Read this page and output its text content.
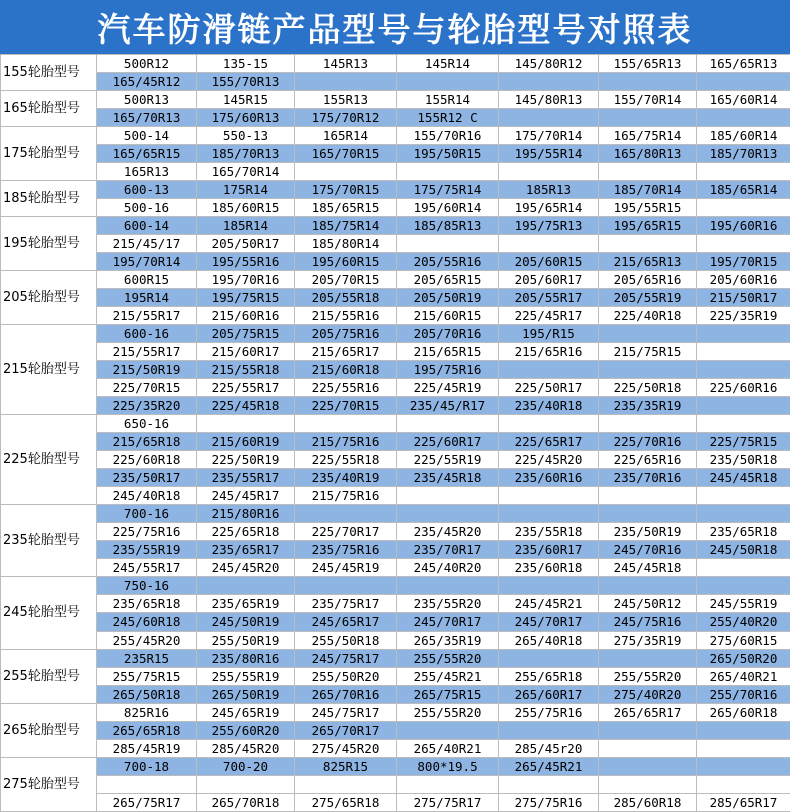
汽车防滑链产品型号与轮胎型号对照表
155轮胎型号	500R12	135-15	145R13	145R14	145/80R12	155/65R13	165/65R13
	165/45R12	155/70R13					
165轮胎型号	500R13	145R15	155R13	155R14	145/80R13	155/70R14	165/60R14
	165/70R13	175/60R13	175/70R12	155R12 C			
175轮胎型号	500-14	550-13	165R14	155/70R16	175/70R14	165/75R14	185/60R14
	165/65R15	185/70R13	165/70R15	195/50R15	195/55R14	165/80R13	185/70R13
	165R13	165/70R14					
185轮胎型号	600-13	175R14	175/70R15	175/75R14	185R13	185/70R14	185/65R14
	500-16	185/60R15	185/65R15	195/60R14	195/65R14	195/55R15	
195轮胎型号	600-14	185R14	185/75R14	185/85R13	195/75R13	195/65R15	195/60R16
	215/45/17	205/50R17	185/80R14				
	195/70R14	195/55R16	195/60R15	205/55R16	205/60R15	215/65R13	195/70R15
205轮胎型号	600R15	195/70R16	205/70R15	205/65R15	205/60R17	205/65R16	205/60R16
	195R14	195/75R15	205/55R18	205/50R19	205/55R17	205/55R19	215/50R17
	215/55R17	215/60R16	215/55R16	215/60R15	225/45R17	225/40R18	225/35R19
215轮胎型号	600-16	205/75R15	205/75R16	205/70R16	195/R15		
	215/55R17	215/60R17	215/65R17	215/65R15	215/65R16	215/75R15	
	215/50R19	215/55R18	215/60R18	195/75R16			
	225/70R15	225/55R17	225/55R16	225/45R19	225/50R17	225/50R18	225/60R16
	225/35R20	225/45R18	225/70R15	235/45/R17	235/40R18	235/35R19	
225轮胎型号	650-16						
	215/65R18	215/60R19	215/75R16	225/60R17	225/65R17	225/70R16	225/75R15
	225/60R18	225/50R19	225/55R18	225/55R19	225/45R20	225/65R16	235/50R18
	235/50R17	235/55R17	235/40R19	235/45R18	235/60R16	235/70R16	245/45R18
	245/40R18	245/45R17	215/75R16				
235轮胎型号	700-16	215/80R16					
	225/75R16	225/65R18	225/70R17	235/45R20	235/55R18	235/50R19	235/65R18
	235/55R19	235/65R17	235/75R16	235/70R17	235/60R17	245/70R16	245/50R18
	245/55R17	245/45R20	245/45R19	245/40R20	235/60R18	245/45R18	
245轮胎型号	750-16						
	235/65R18	235/65R19	235/75R17	235/55R20	245/45R21	245/50R12	245/55R19
	245/60R18	245/50R19	245/65R17	245/70R17	245/70R17	245/75R16	255/40R20
	255/45R20	255/50R19	255/50R18	265/35R19	265/40R18	275/35R19	275/60R15
255轮胎型号	235R15	235/80R16	245/75R17	255/55R20			265/50R20
	255/75R15	255/55R19	255/50R20	255/45R21	255/65R18	255/55R20	265/40R21
	265/50R18	265/50R19	265/70R16	265/75R15	265/60R17	275/40R20	255/70R16
265轮胎型号	825R16	245/65R19	245/75R17	255/55R20	255/75R16	265/65R17	265/60R18
	265/65R18	255/60R20	265/70R17				
	285/45R19	285/45R20	275/45R20	265/40R21	285/45r20		
275轮胎型号	700-18	700-20	825R15	800*19.5	265/45R21		

	265/75R17	265/70R18	275/65R18	275/75R17	275/75R16	285/60R18	285/65R17
